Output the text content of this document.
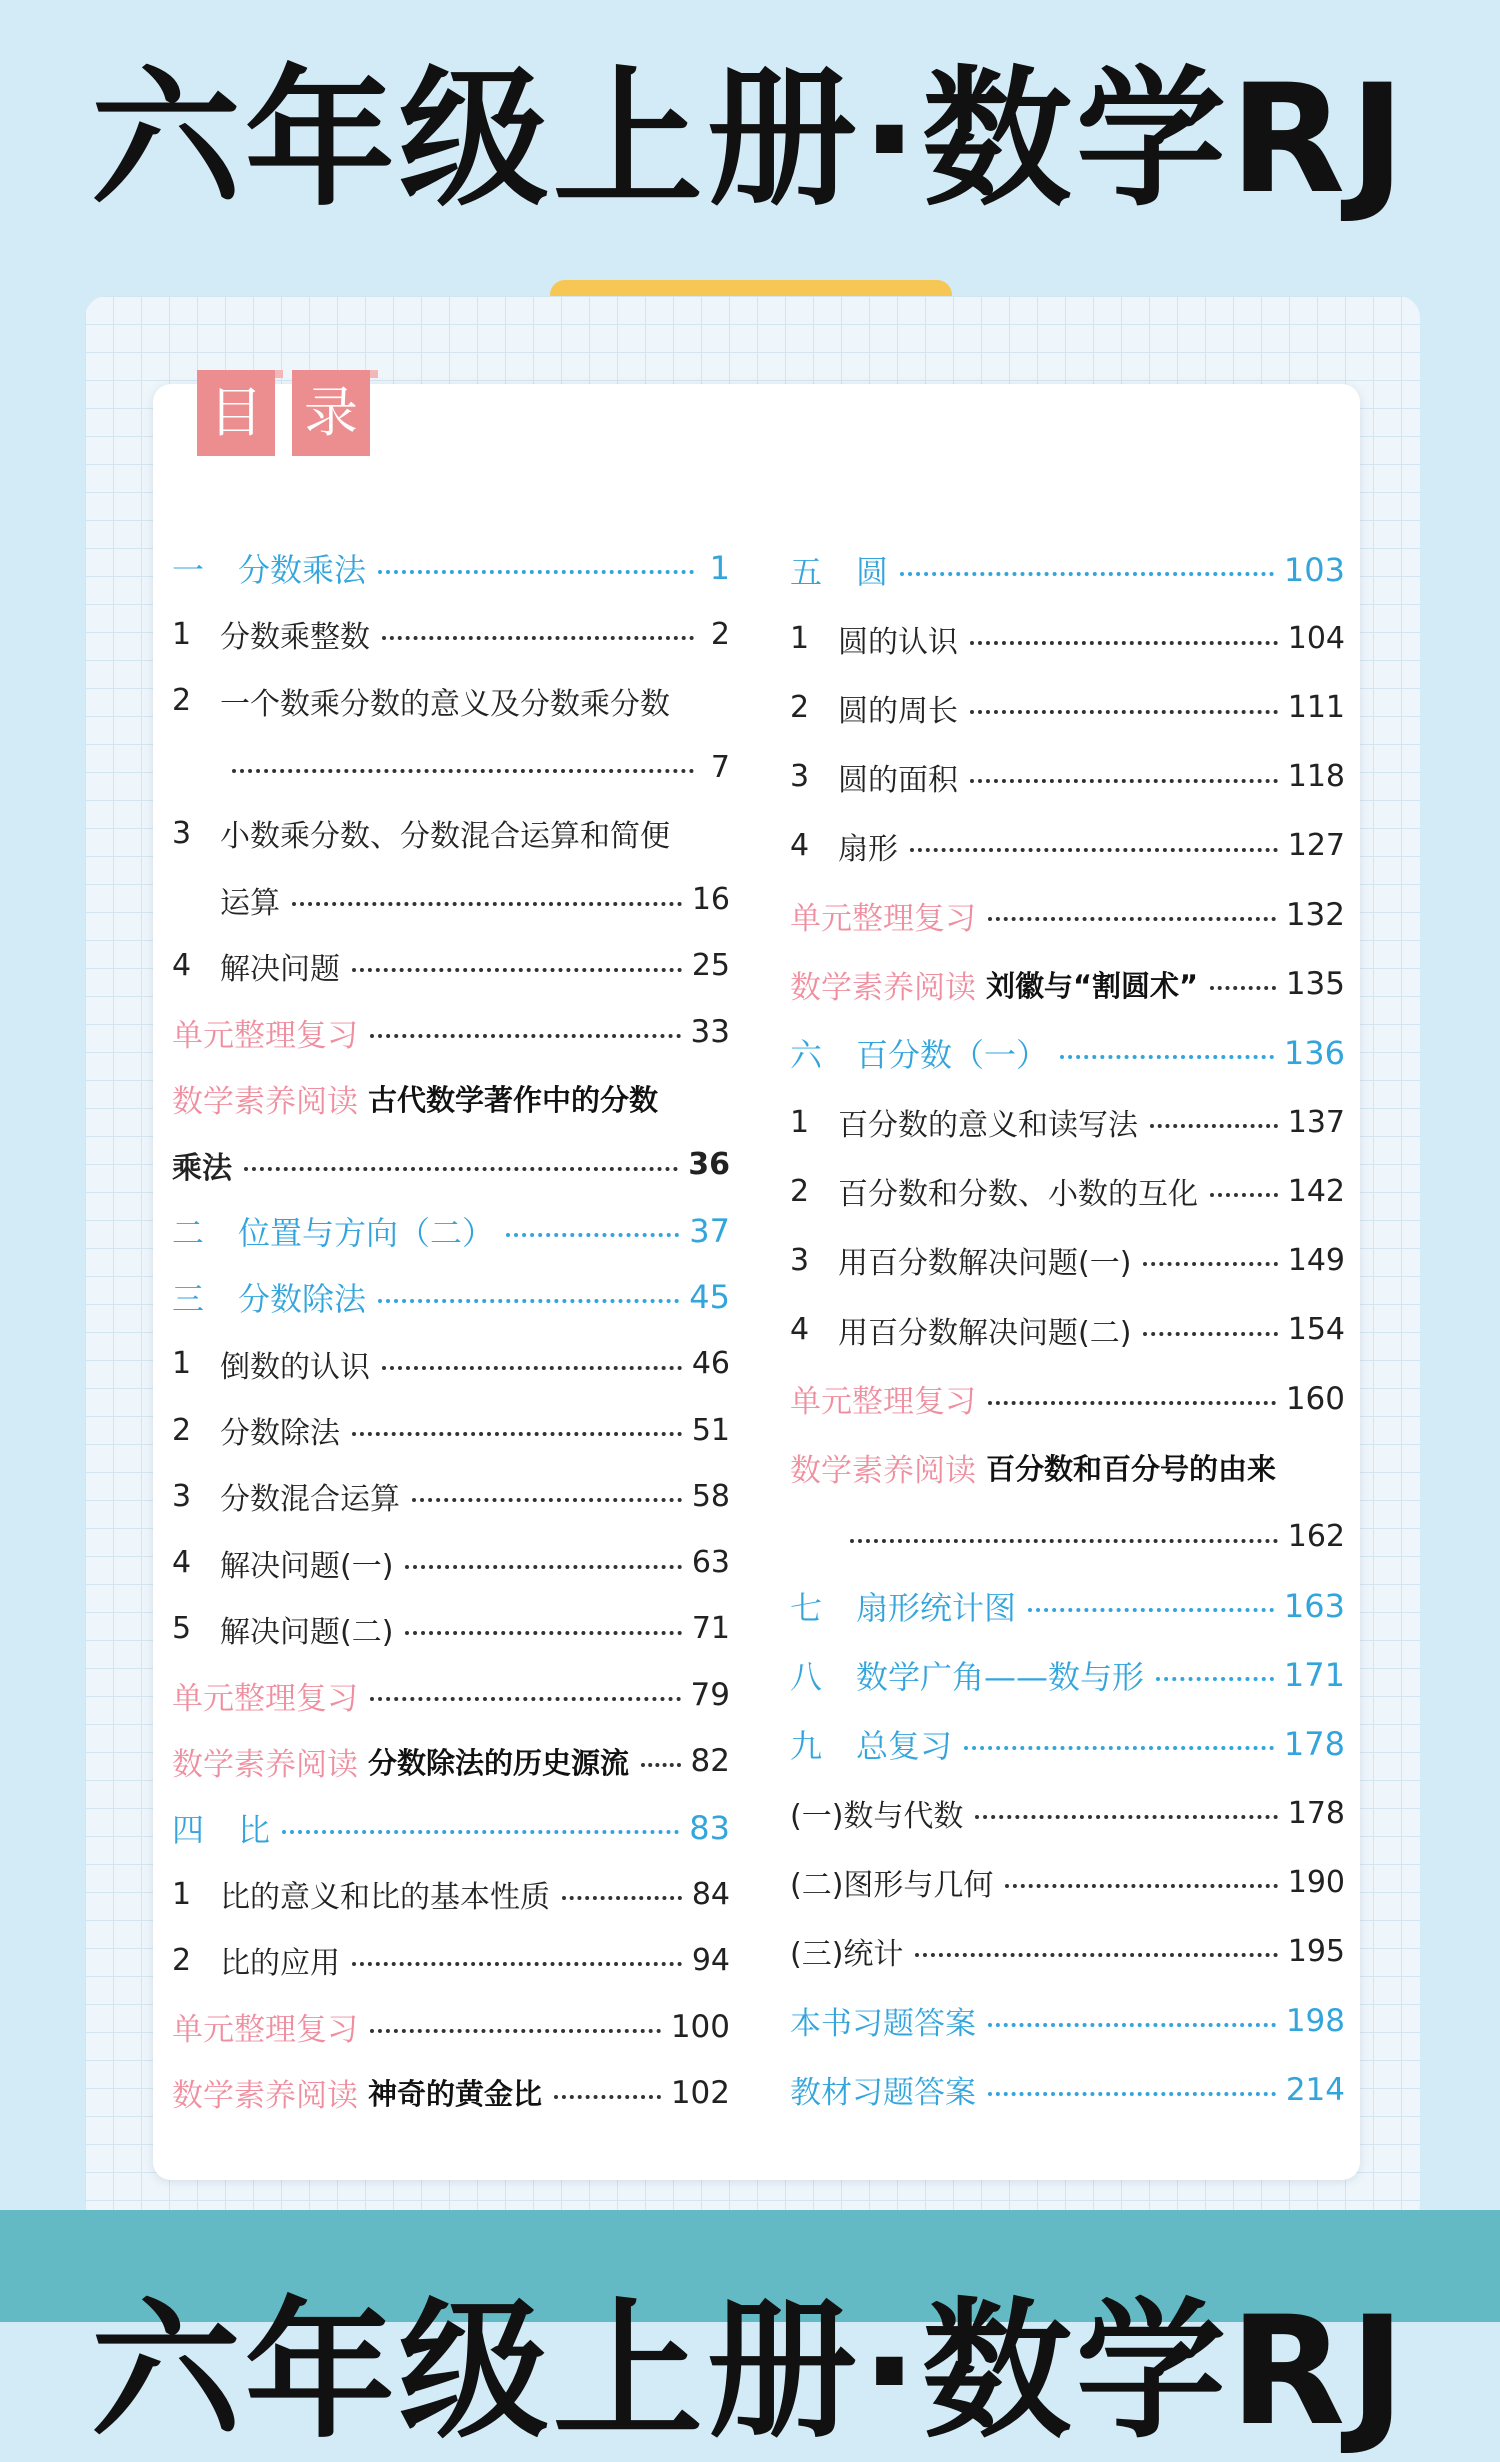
六年级上册·数学RJ
目 录
一	分数乘法	1
1 分数乘整数	2
2 一个数乘分数的意义及分数乘分数
7
3 小数乘分数、分数混合运算和简便
运算	16
4 解决问题	25
单元整理复习	33
数学素养阅读 古代数学著作中的分数
乘法	36
二	位置与方向（二）	37
三	分数除法	45
1 倒数的认识	46
2 分数除法	51
3 分数混合运算	58
4 解决问题(一)	63
5 解决问题(二)	71
单元整理复习	79
数学素养阅读 分数除法的历史源流 82
四	比	83
1 比的意义和比的基本性质	84
2 比的应用	94
单元整理复习	100
数学素养阅读 神奇的黄金比	102
五	圆	103
1 圆的认识	104
2 圆的周长	111
3 圆的面积	118
4 扇形	127
单元整理复习	132
数学素养阅读 刘徽与“割圆术”	135
六	百分数（一）	136
1 百分数的意义和读写法	137
2 百分数和分数、小数的互化	142
3 用百分数解决问题(一)	149
4 用百分数解决问题(二)	154
单元整理复习	160
数学素养阅读 百分数和百分号的由来
162
七	扇形统计图	163
八	数学广角——数与形	171
九	总复习	178
(一)数与代数	178
(二)图形与几何	190
(三)统计	195
本书习题答案	198
教材习题答案	214
六年级上册·数学RJ
